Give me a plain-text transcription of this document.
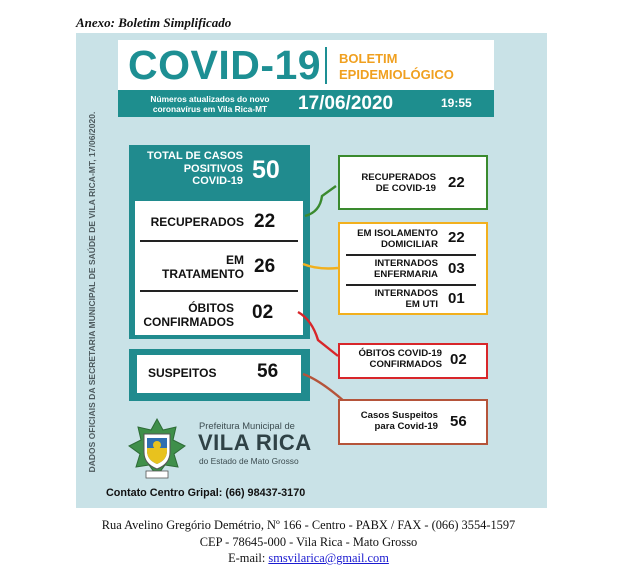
Anexo: Boletim Simplificado
DADOS OFICIAIS DA SECRETARIA MUNICIPAL DE SAÚDE DE VILA RICA-MT, 17/06/2020.
COVID-19 BOLETIM
EPIDEMIOLÓGICO
Números atualizados do novo
coronavírus em Vila Rica-MT	17/06/2020	19:55
TOTAL DE CASOS
POSITIVOS
COVID-19 50
RECUPERADOS 22
EM
TRATAMENTO 26
ÓBITOS
CONFIRMADOS 02
SUSPEITOS	56
RECUPERADOS
DE COVID-19 22
EM ISOLAMENTO
DOMICILIAR 22
INTERNADOS
ENFERMARIA 03
INTERNADOS
EM UTI 01
ÓBITOS COVID-19
CONFIRMADOS 02
Casos Suspeitos
para Covid-19 56
Prefeitura Municipal de
VILA RICA
do Estado de Mato Grosso
Contato Centro Gripal: (66) 98437-3170
Rua Avelino Gregório Demétrio, Nº 166 - Centro - PABX / FAX - (066) 3554-1597
CEP - 78645-000 - Vila Rica - Mato Grosso
E-mail: smsvilarica@gmail.com
